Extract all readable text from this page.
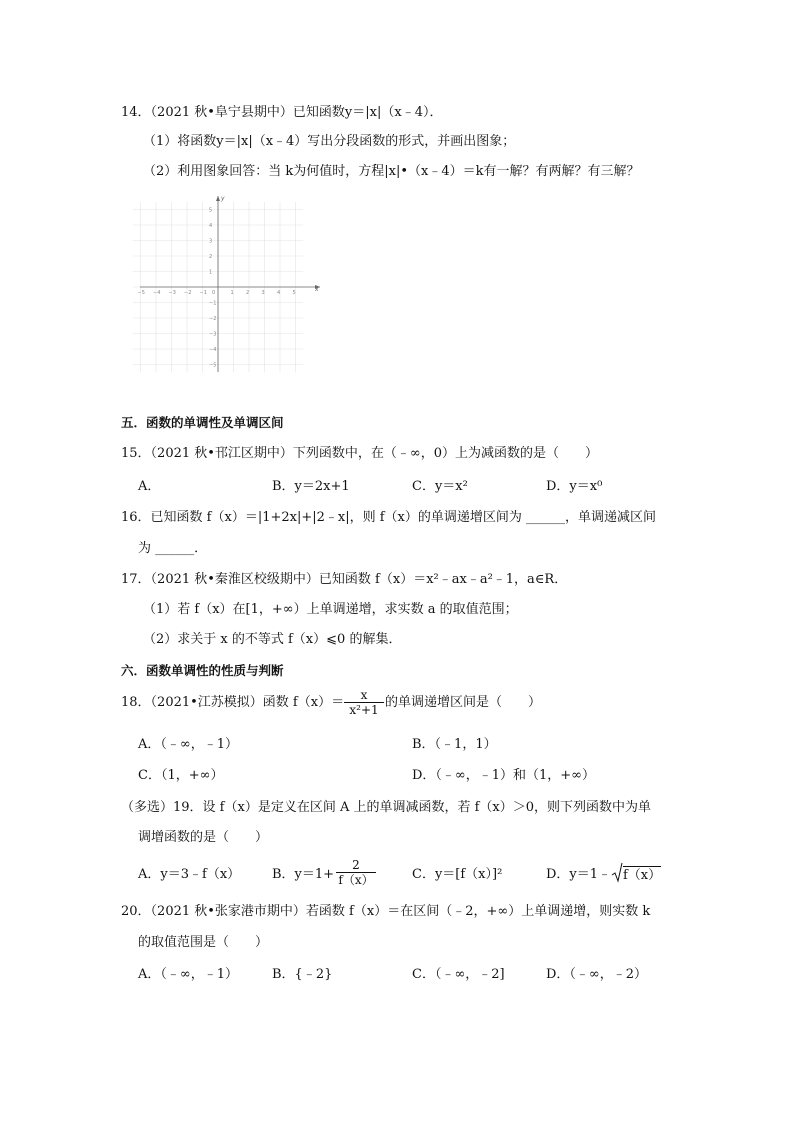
14．（2021 秋•阜宁县期中）已知函数y＝|x|（x﹣4）．
（1）将函数y＝|x|（x﹣4）写出分段函数的形式，并画出图象；
（2）利用图象回答：当 k为何值时，方程|x|•（x﹣4）＝k有一解？有两解？有三解？
−5 −4 −3 −2 −1	1 2 3 4 5
5
4
3
2
1
−1
−2
−3
−4
−5
x
y
0
五．函数的单调性及单调区间
15．（2021 秋•邗江区期中）下列函数中，在（﹣∞，0）上为减函数的是（　　）
A．	B．y＝2x+1	C．y＝x²	D．y＝x⁰
16．已知函数 f（x）＝|1+2x|+|2﹣x|，则 f（x）的单调递增区间为 ______，单调递减区间
为 ______．
17．（2021 秋•秦淮区校级期中）已知函数 f（x）＝x²﹣ax﹣a²﹣1，a∈R．
（1）若 f（x）在[1，+∞）上单调递增，求实数 a 的取值范围；
（2）求关于 x 的不等式 f（x）⩽0 的解集．
六．函数单调性的性质与判断
18．（2021•江苏模拟）函数 $f(x)= \frac{x}{\text{x²+1}}$ 的单调递增区间是（　　）
A．（﹣∞，﹣1）	B．（﹣1，1）
C．（1，+∞）	D．（﹣∞，﹣1）和（1，+∞）
（多选）19．设 f（x）是定义在区间 A 上的单调减函数，若 f（x）＞0，则下列函数中为单
调增函数的是（　　）
A．y＝3﹣f（x） B．$y=1+ \frac{2}{f(x)}$	C．y＝[f（x）]²	D．y＝1﹣ f（x）
20．（2021 秋•张家港市期中）若函数 f（x）＝在区间（﹣2，+∞）上单调递增，则实数 k
的取值范围是（　　）
A．（﹣∞，﹣1）	B．{﹣2}	C．（﹣∞，﹣2]	D．（﹣∞，﹣2）
